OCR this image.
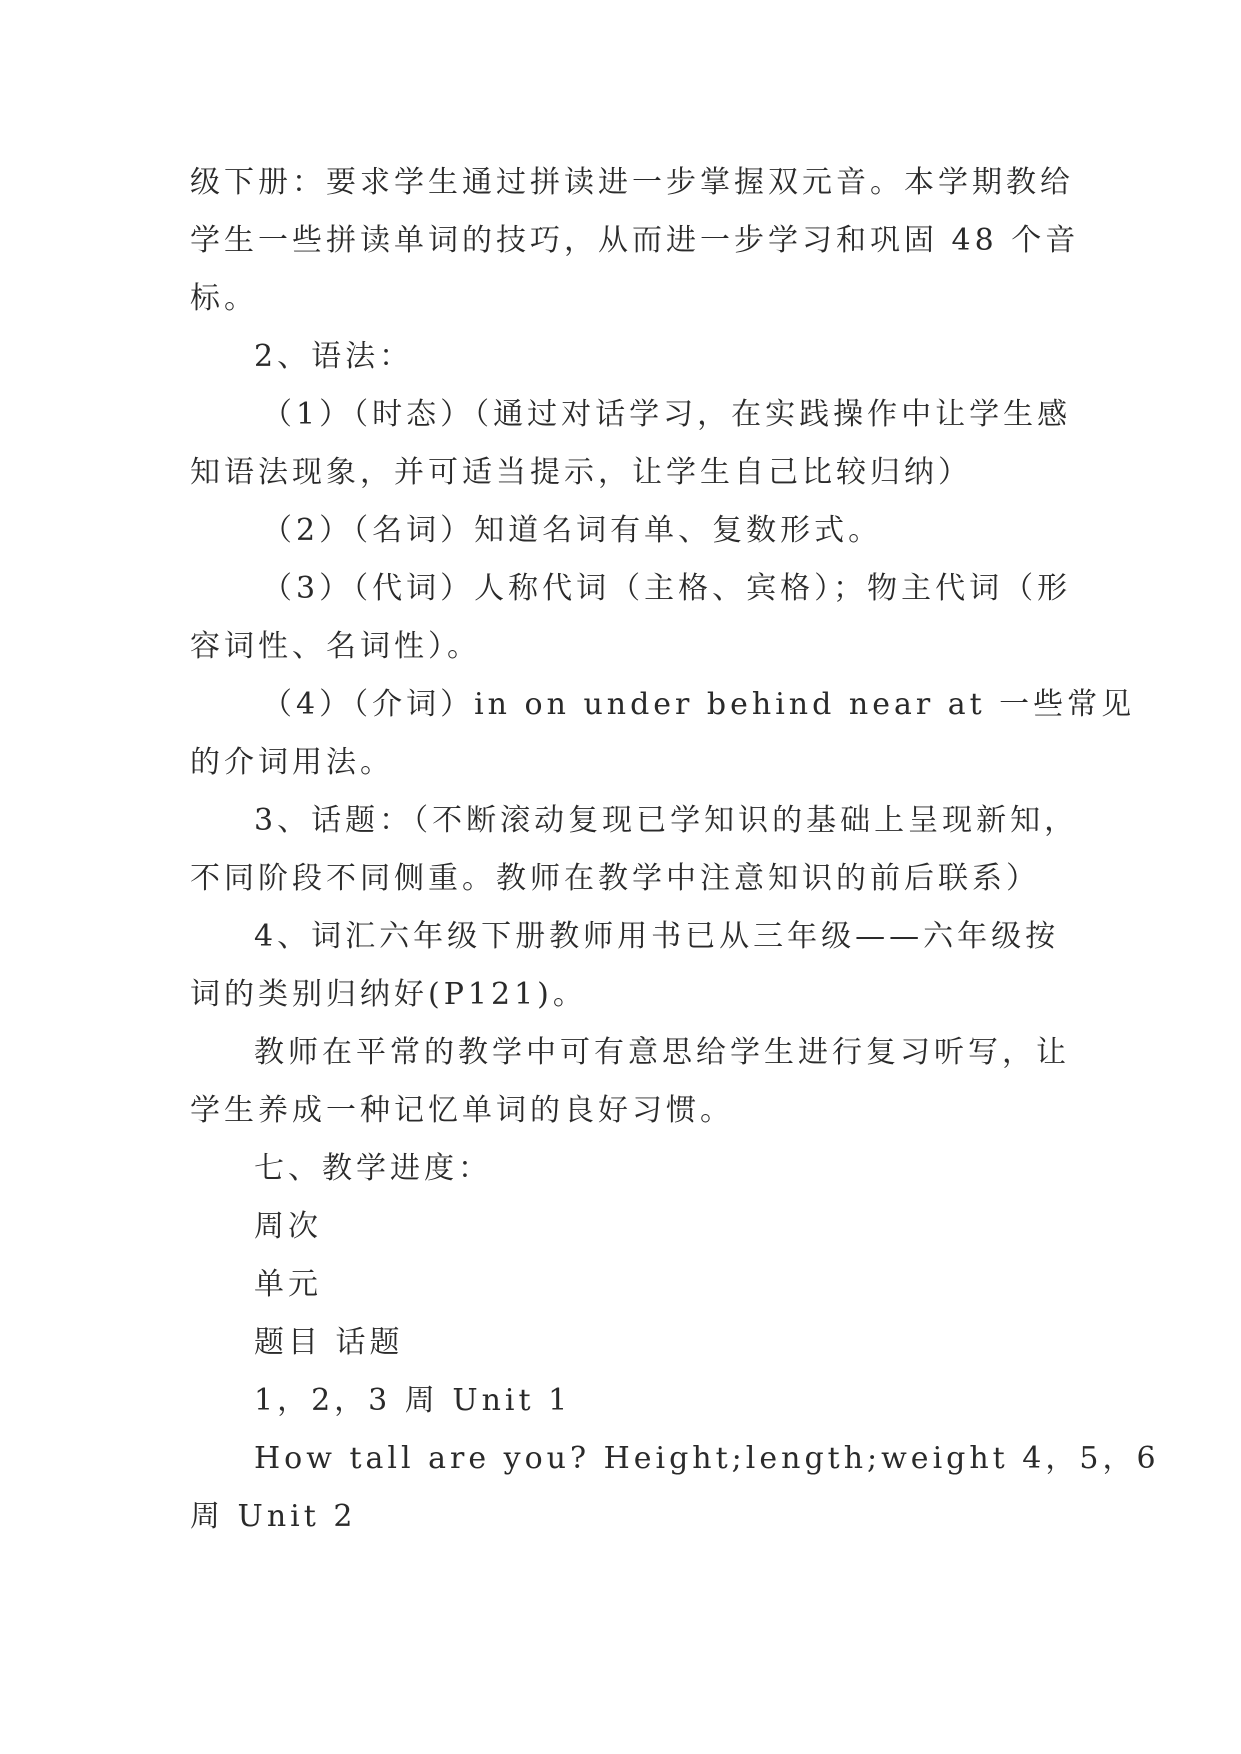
级下册：要求学生通过拼读进一步掌握双元音。本学期教给
学生一些拼读单词的技巧，从而进一步学习和巩固 48 个音
标。
2、语法：
（1）（时态）（通过对话学习，在实践操作中让学生感
知语法现象，并可适当提示，让学生自己比较归纳）
（2）（名词）知道名词有单、复数形式。
（3）（代词）人称代词（主格、宾格）；物主代词（形
容词性、名词性）。
（4）（介词）in on under behind near at 一些常见
的介词用法。
3、话题：（不断滚动复现已学知识的基础上呈现新知，
不同阶段不同侧重。教师在教学中注意知识的前后联系）
4、词汇六年级下册教师用书已从三年级——六年级按
词的类别归纳好(P121)。
教师在平常的教学中可有意思给学生进行复习听写，让
学生养成一种记忆单词的良好习惯。
七、教学进度：
周次
单元
题目 话题
1，2，3 周 Unit 1
How tall are you? Height;length;weight 4，5，6
周 Unit 2
